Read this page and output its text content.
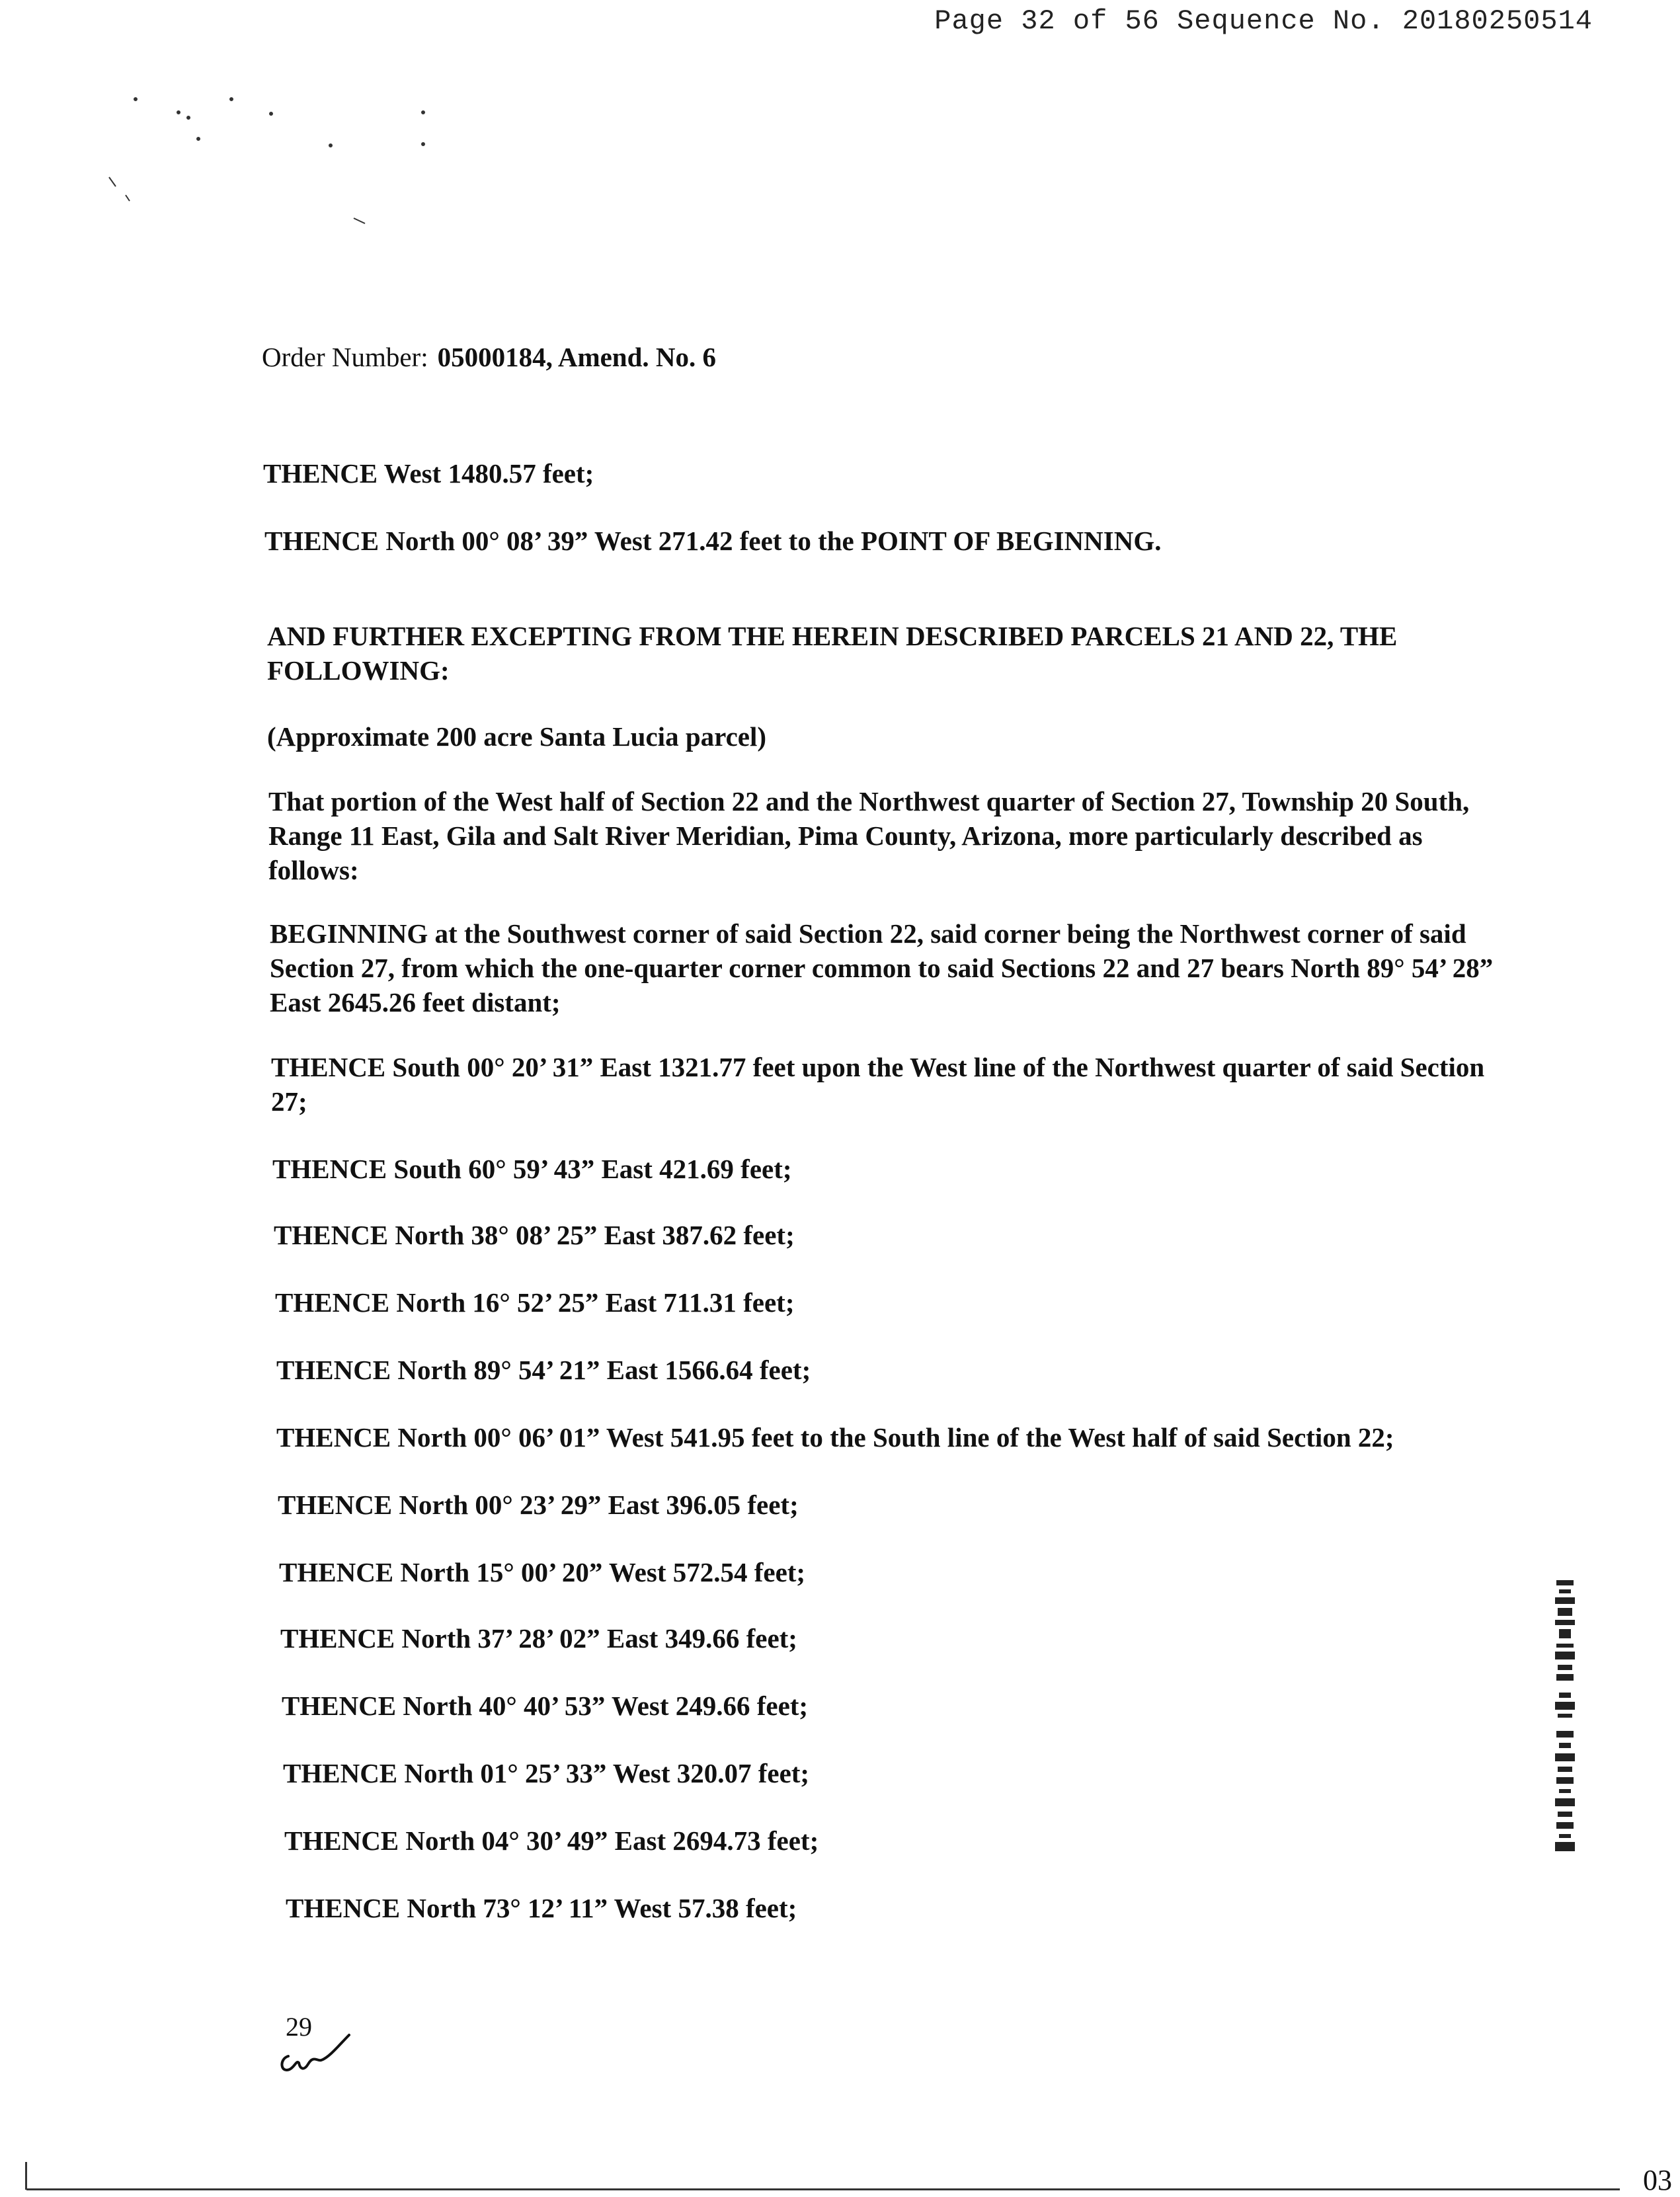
Page 32 of 56 Sequence No. 20180250514
Order Number: 05000184, Amend. No. 6
THENCE West 1480.57 feet;
THENCE North 00° 08’ 39” West 271.42 feet to the POINT OF BEGINNING.
AND FURTHER EXCEPTING FROM THE HEREIN DESCRIBED PARCELS 21 AND 22, THE FOLLOWING:
(Approximate 200 acre Santa Lucia parcel)
That portion of the West half of Section 22 and the Northwest quarter of Section 27, Township 20 South, Range 11 East, Gila and Salt River Meridian, Pima County, Arizona, more particularly described as follows:
BEGINNING at the Southwest corner of said Section 22, said corner being the Northwest corner of said Section 27, from which the one-quarter corner common to said Sections 22 and 27 bears North 89° 54’ 28” East 2645.26 feet distant;
THENCE South 00° 20’ 31” East 1321.77 feet upon the West line of the Northwest quarter of said Section 27;
THENCE South 60° 59’ 43” East 421.69 feet;
THENCE North 38° 08’ 25” East 387.62 feet;
THENCE North 16° 52’ 25” East 711.31 feet;
THENCE North 89° 54’ 21” East 1566.64 feet;
THENCE North 00° 06’ 01” West 541.95 feet to the South line of the West half of said Section 22;
THENCE North 00° 23’ 29” East 396.05 feet;
THENCE North 15° 00’ 20” West 572.54 feet;
THENCE North 37’ 28’ 02” East 349.66 feet;
THENCE North 40° 40’ 53” West 249.66 feet;
THENCE North 01° 25’ 33” West 320.07 feet;
THENCE North 04° 30’ 49” East 2694.73 feet;
THENCE North 73° 12’ 11” West 57.38 feet;
29
03
